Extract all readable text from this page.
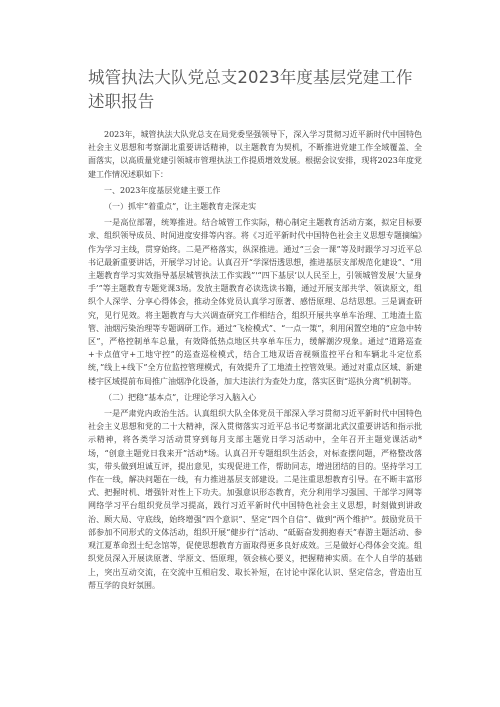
城管执法大队党总支2023年度基层党建工作述职报告

2023年，城管执法大队党总支在局党委坚强领导下，深入学习贯彻习近平新时代中国特色社会主义思想和考察湖北重要讲话精神，以主题教育为契机，不断推进党建工作全域覆盖、全面落实，以高质量党建引领城市管理执法工作提质增效发展。根据会议安排，现将2023年度党建工作情况述职如下：

一、2023年度基层党建主要工作

（一）抓牢“着重点”，让主题教育走深走实

一是高位部署，统筹推进。结合城管工作实际，精心制定主题教育活动方案，拟定目标要求、组织领导成员、时间进度安排等内容。将《习近平新时代中国特色社会主义思想专题摘编》作为学习主线，贯穿始终。二是严格落实，纵深推进。通过“三会一课”等及时跟学习习近平总书记最新重要讲话，开展学习讨论。认真召开“学深悟透思想，推进基层支部规范化建设”、“用主题教育学习实效指导基层城管执法工作实践”'“四下基层’以人民至上，引领城管发展’大显身手’”等主题教育专题党课3场。发放主题教育必读选读书籍，通过开展支部共学、领读原文，组织个人深学、分享心得体会，推动全体党员认真学习原著、感悟原理、总结思想。三是调查研究，见行见效。将主题教育与大兴调查研究工作相结合，组织开展共享单车治理、工地渣土监管、油烟污染治理等专题调研工作。通过“飞检模式”、“一点一策”，利用闲置空地的“应急中转区”，严格控制单车总量，有效降低热点地区共享单车压力，缓解潮汐现象。通过“道路巡查+卡点值守+工地守控”的巡查巡检模式，结合工地双语音视频监控平台和车辆北斗定位系统，”线上+线下”全方位监控管理模式，有效提升了工地渣土控管效果。通过对重点区域、新建楼宇区域提前布局推广油烟净化设备，加大违法行为查处力度，落实区街“巡执分离”机制等。

（二）把稳“基本点”，让理论学习入脑入心

一是严肃党内政治生活。认真组织大队全体党员干部深入学习贯彻习近平新时代中国特色社会主义思想和党的二十大精神，深入贯彻落实习近平总书记考察湖北武汉重要讲话和指示批示精神，将各类学习活动贯穿到每月支部主题党日学习活动中，全年召开主题党课活动*场，“创意主题党日我来开”活动*场。认真召开专题组织生活会，对标查摆问题，严格整改落实，带头做到坦诚互评，提出意见，实现促进工作，帮助同志，增进团结的目的。坚持学习工作在一线，解决问题在一线，有力推进基层支部建设。二是注重思想教育引导。在不断丰富形式、把握时机、增强针对性上下功夫。加强意识形态教育，充分利用学习强国、干部学习网等网络学习平台组织党员学习提高，践行习近平新时代中国特色社会主义思想，时刻做到讲政治、顾大局、守底线，始终增强“四个意识”、坚定“四个自信”、做到“两个维护”。鼓励党员干部参加不同形式的文体活动，组织开展“健步行”活动、“砥砺奋发拥抱春天”春游主题活动、参观江夏革命烈士纪念馆等，促使思想教育方面取得更多良好成效。三是做好心得体会交流。组织党员深入开展读原著、学原文、悟原理，领会核心要义，把握精神实质。在个人自学的基础上，突出互动交流，在交流中互相启发、取长补短，在讨论中深化认识、坚定信念，营造出互帮互学的良好氛围。
